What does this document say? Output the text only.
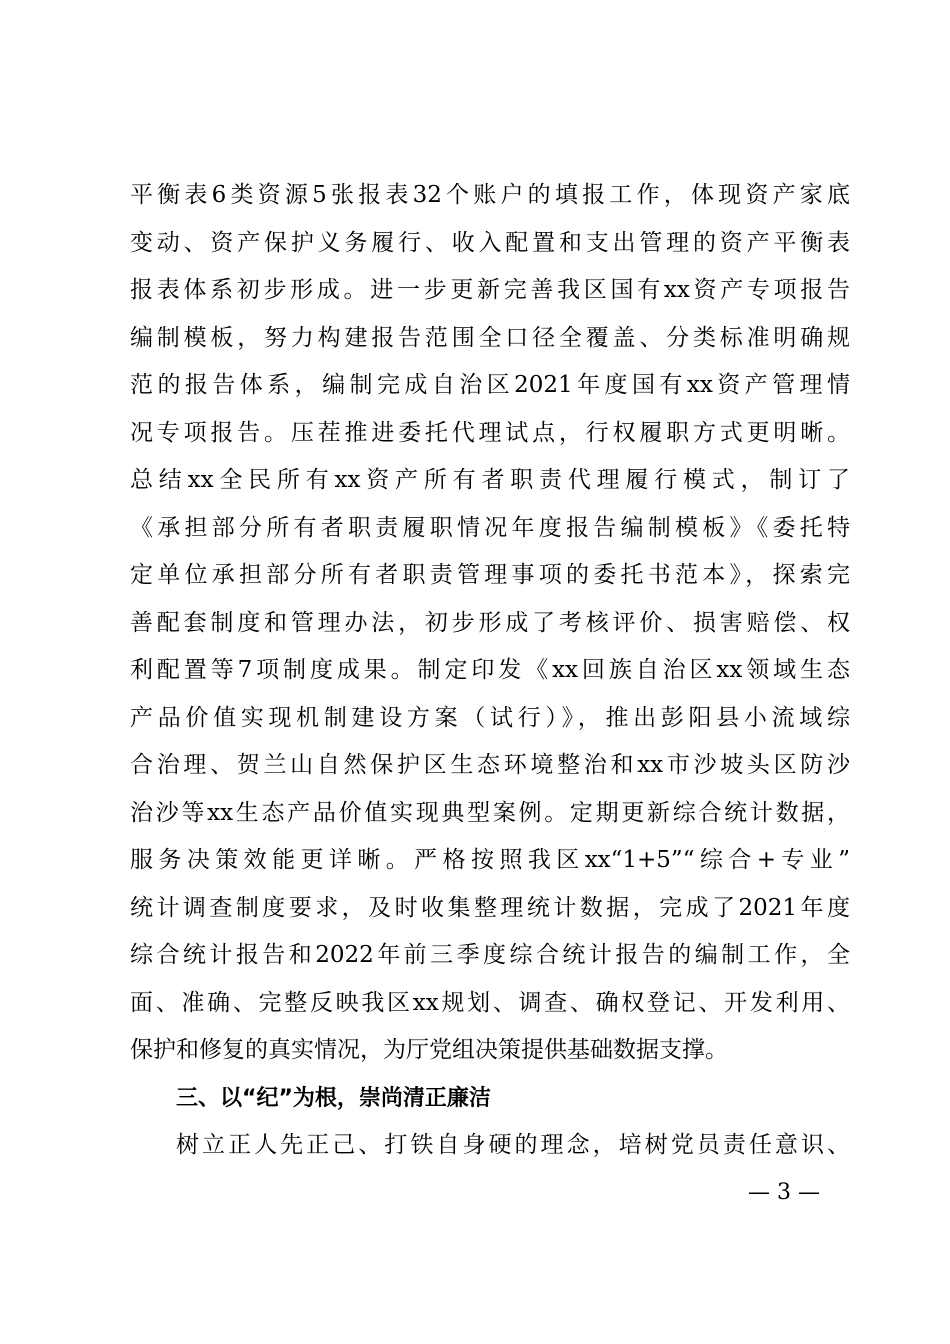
平衡表6类资源5张报表32个账户的填报工作，体现资产家底
变动、资产保护义务履行、收入配置和支出管理的资产平衡表
报表体系初步形成。进一步更新完善我区国有xx资产专项报告
编制模板，努力构建报告范围全口径全覆盖、分类标准明确规
范的报告体系，编制完成自治区2021年度国有xx资产管理情
况专项报告。压茬推进委托代理试点，行权履职方式更明晰。
总结xx全民所有xx资产所有者职责代理履行模式，制订了
《承担部分所有者职责履职情况年度报告编制模板》《委托特
定单位承担部分所有者职责管理事项的委托书范本》，探索完
善配套制度和管理办法，初步形成了考核评价、损害赔偿、权
利配置等7项制度成果。制定印发《xx回族自治区xx领域生态
产品价值实现机制建设方案（试行）》，推出彭阳县小流域综
合治理、贺兰山自然保护区生态环境整治和xx市沙坡头区防沙
治沙等xx生态产品价值实现典型案例。定期更新综合统计数据，
服务决策效能更详晰。严格按照我区xx“1+5”“综合+专业”
统计调查制度要求，及时收集整理统计数据，完成了2021年度
综合统计报告和2022年前三季度综合统计报告的编制工作，全
面、准确、完整反映我区xx规划、调查、确权登记、开发利用、
保护和修复的真实情况，为厅党组决策提供基础数据支撑。
三、以“纪”为根，崇尚清正廉洁
树立正人先正己、打铁自身硬的理念，培树党员责任意识、
— 3 —
